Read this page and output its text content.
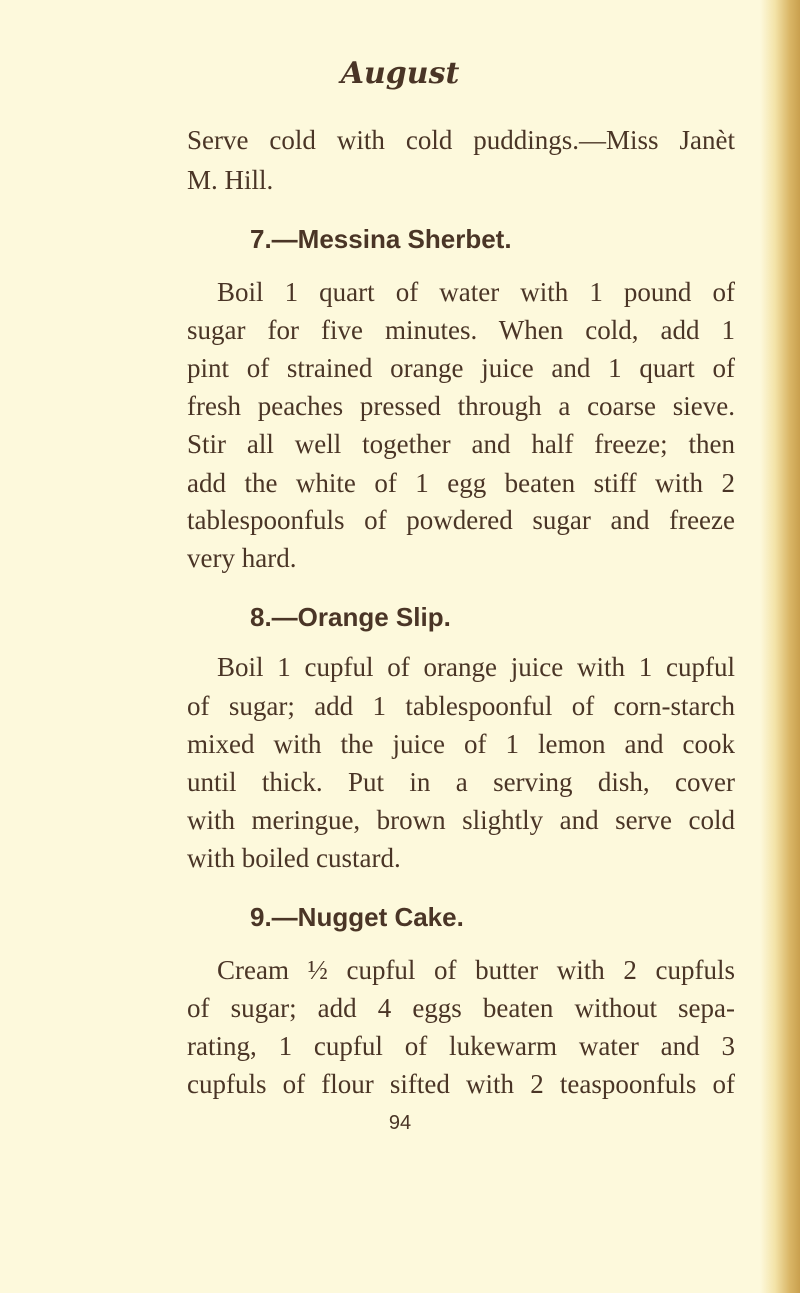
August
Serve cold with cold puddings.—Miss Janèt
M. Hill.
7.—Messina Sherbet.
Boil 1 quart of water with 1 pound of
sugar for five minutes. When cold, add 1
pint of strained orange juice and 1 quart of
fresh peaches pressed through a coarse sieve.
Stir all well together and half freeze; then
add the white of 1 egg beaten stiff with 2
tablespoonfuls of powdered sugar and freeze
very hard.
8.—Orange Slip.
Boil 1 cupful of orange juice with 1 cupful
of sugar; add 1 tablespoonful of corn-starch
mixed with the juice of 1 lemon and cook
until thick. Put in a serving dish, cover
with meringue, brown slightly and serve cold
with boiled custard.
9.—Nugget Cake.
Cream ½ cupful of butter with 2 cupfuls
of sugar; add 4 eggs beaten without sepa-
rating, 1 cupful of lukewarm water and 3
cupfuls of flour sifted with 2 teaspoonfuls of
94
